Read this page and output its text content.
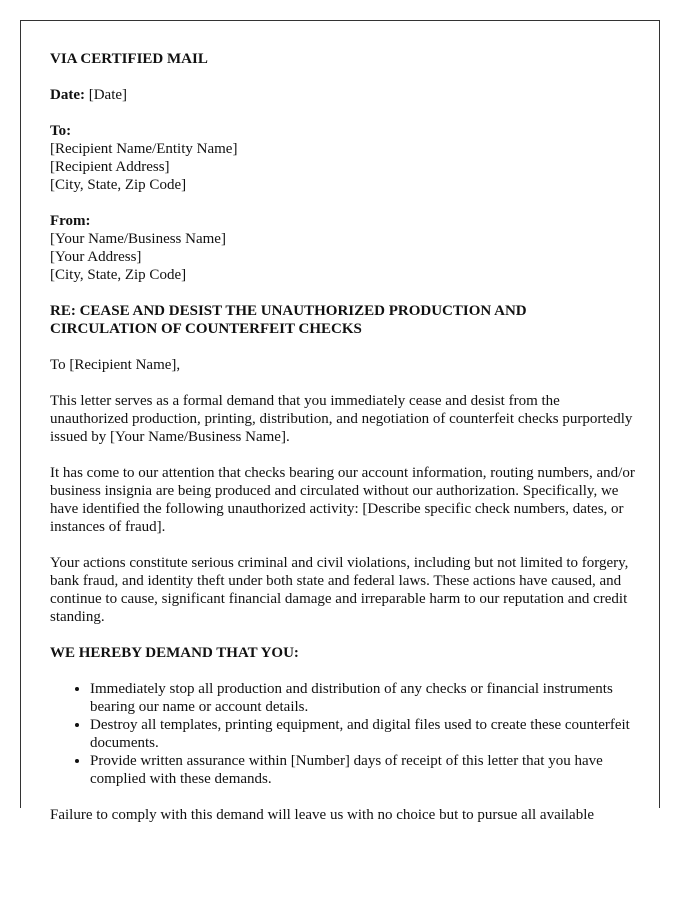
VIA CERTIFIED MAIL

Date: [Date]

To:
[Recipient Name/Entity Name]
[Recipient Address]
[City, State, Zip Code]
From:
[Your Name/Business Name]
[Your Address]
[City, State, Zip Code]
RE: CEASE AND DESIST THE UNAUTHORIZED PRODUCTION AND CIRCULATION OF COUNTERFEIT CHECKS

To [Recipient Name],

This letter serves as a formal demand that you immediately cease and desist from the unauthorized production, printing, distribution, and negotiation of counterfeit checks purportedly issued by [Your Name/Business Name].

It has come to our attention that checks bearing our account information, routing numbers, and/or business insignia are being produced and circulated without our authorization. Specifically, we have identified the following unauthorized activity: [Describe specific check numbers, dates, or instances of fraud].

Your actions constitute serious criminal and civil violations, including but not limited to forgery, bank fraud, and identity theft under both state and federal laws. These actions have caused, and continue to cause, significant financial damage and irreparable harm to our reputation and credit standing.

WE HEREBY DEMAND THAT YOU:
• Immediately stop all production and distribution of any checks or financial instruments bearing our name or account details.
• Destroy all templates, printing equipment, and digital files used to create these counterfeit documents.
• Provide written assurance within [Number] days of receipt of this letter that you have complied with these demands.

Failure to comply with this demand will leave us with no choice but to pursue all available
